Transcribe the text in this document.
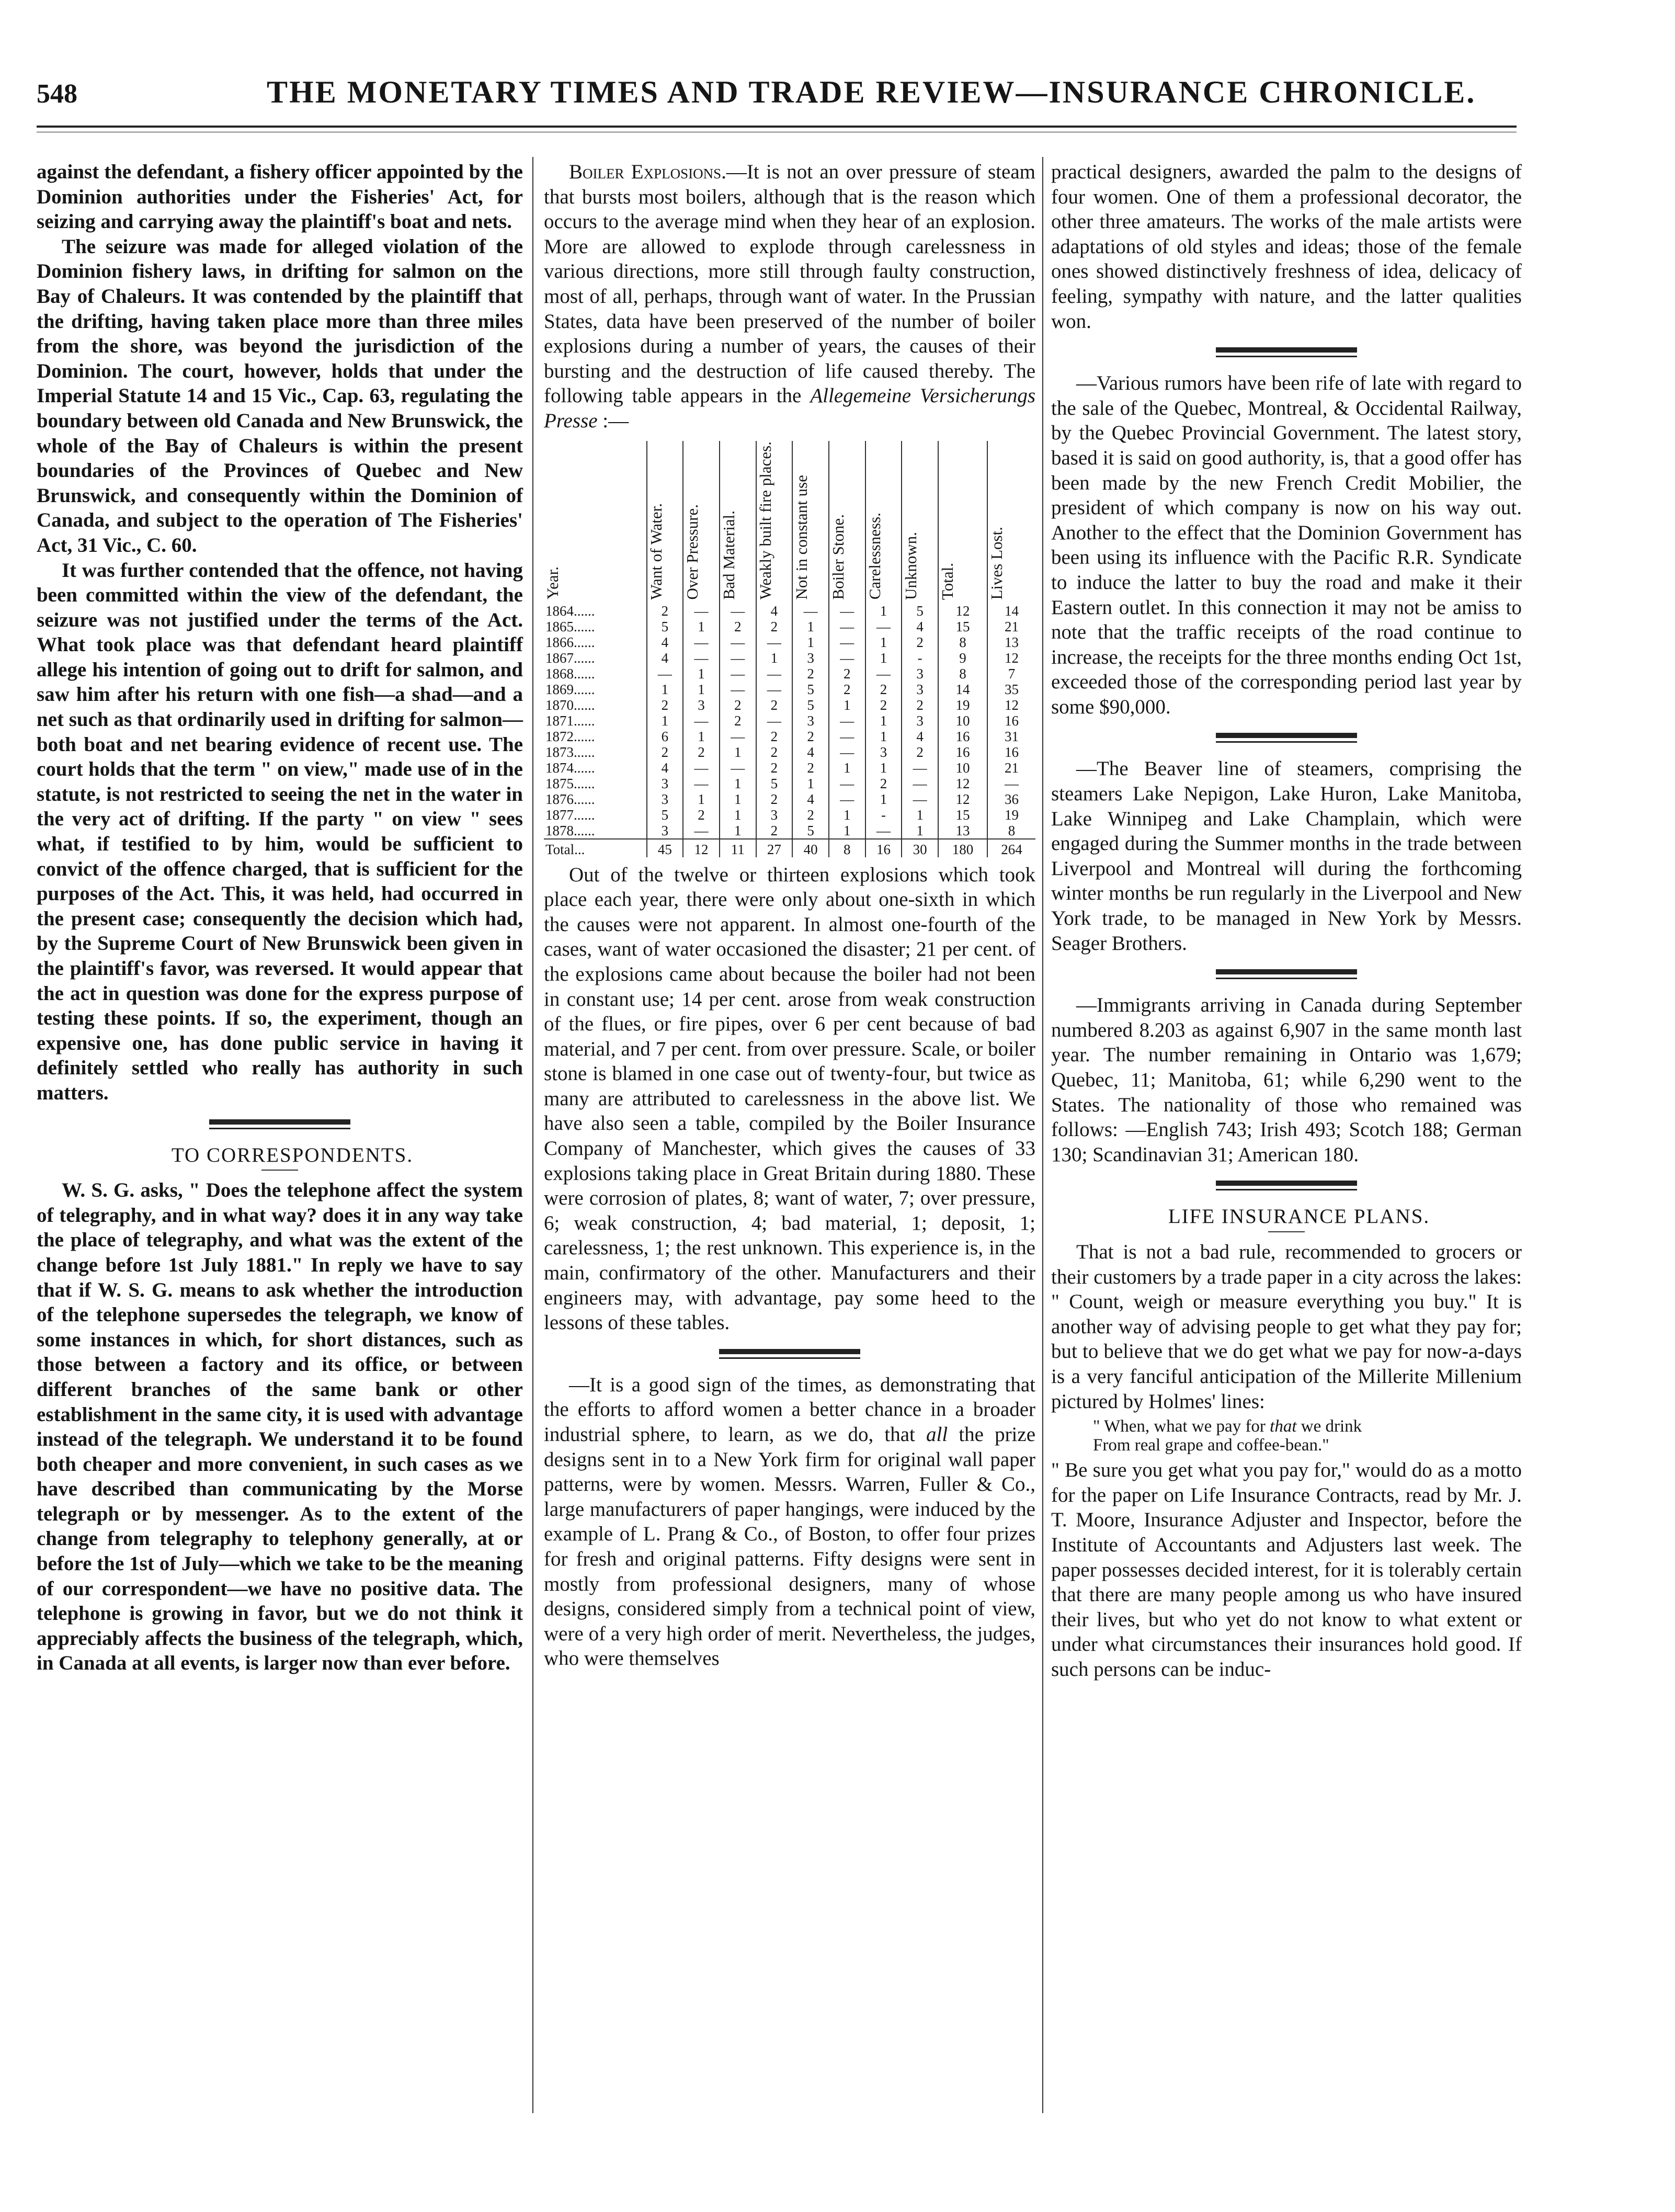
548	THE MONETARY TIMES AND TRADE REVIEW—INSURANCE CHRONICLE.

against the defendant, a fishery officer appointed by the Dominion authorities under the Fisheries' Act, for seizing and carrying away the plaintiff's boat and nets.

The seizure was made for alleged violation of the Dominion fishery laws, in drifting for salmon on the Bay of Chaleurs. It was contended by the plaintiff that the drifting, having taken place more than three miles from the shore, was beyond the jurisdiction of the Dominion. The court, however, holds that under the Imperial Statute 14 and 15 Vic., Cap. 63, regulating the boundary between old Canada and New Brunswick, the whole of the Bay of Chaleurs is within the present boundaries of the Provinces of Quebec and New Brunswick, and consequently within the Dominion of Canada, and subject to the operation of The Fisheries' Act, 31 Vic., C. 60.

It was further contended that the offence, not having been committed within the view of the defendant, the seizure was not justified under the terms of the Act. What took place was that defendant heard plaintiff allege his intention of going out to drift for salmon, and saw him after his return with one fish—a shad—and a net such as that ordinarily used in drifting for salmon—both boat and net bearing evidence of recent use. The court holds that the term " on view," made use of in the statute, is not restricted to seeing the net in the water in the very act of drifting. If the party " on view " sees what, if testified to by him, would be sufficient to convict of the offence charged, that is sufficient for the purposes of the Act. This, it was held, had occurred in the present case; consequently the decision which had, by the Supreme Court of New Brunswick been given in the plaintiff's favor, was reversed. It would appear that the act in question was done for the express purpose of testing these points. If so, the experiment, though an expensive one, has done public service in having it definitely settled who really has authority in such matters.

TO CORRESPONDENTS.

W. S. G. asks, " Does the telephone affect the system of telegraphy, and in what way? does it in any way take the place of telegraphy, and what was the extent of the change before 1st July 1881." In reply we have to say that if W. S. G. means to ask whether the introduction of the telephone supersedes the telegraph, we know of some instances in which, for short distances, such as those between a factory and its office, or between different branches of the same bank or other establishment in the same city, it is used with advantage instead of the telegraph. We understand it to be found both cheaper and more convenient, in such cases as we have described than communicating by the Morse telegraph or by messenger. As to the extent of the change from telegraphy to telephony generally, at or before the 1st of July—which we take to be the meaning of our correspondent—we have no positive data. The telephone is growing in favor, but we do not think it appreciably affects the business of the telegraph, which, in Canada at all events, is larger now than ever before.

Boiler Explosions.—It is not an over pressure of steam that bursts most boilers, although that is the reason which occurs to the average mind when they hear of an explosion. More are allowed to explode through carelessness in various directions, more still through faulty construction, most of all, perhaps, through want of water. In the Prussian States, data have been preserved of the number of boiler explosions during a number of years, the causes of their bursting and the destruction of life caused thereby. The following table appears in the Allegemeine Versicherungs Presse :—

Year.	Want of Water.	Over Pressure.	Bad Material.	Weakly built fire places.	Not in constant use	Boiler Stone.	Carelessness.	Unknown.	Total.	Lives Lost.
1864......	2	—	—	4	—	—	1	5	12	14
1865......	5	1	2	2	1	—	—	4	15	21
1866......	4	—	—	—	1	—	1	2	8	13
1867......	4	—	—	1	3	—	1	-	9	12
1868......	—	1	—	—	2	2	—	3	8	7
1869......	1	1	—	—	5	2	2	3	14	35
1870......	2	3	2	2	5	1	2	2	19	12
1871......	1	—	2	—	3	—	1	3	10	16
1872......	6	1	—	2	2	—	1	4	16	31
1873......	2	2	1	2	4	—	3	2	16	16
1874......	4	—	—	2	2	1	1	—	10	21
1875......	3	—	1	5	1	—	2	—	12	—
1876......	3	1	1	2	4	—	1	—	12	36
1877......	5	2	1	3	2	1	-	1	15	19
1878......	3	—	1	2	5	1	—	1	13	8
Total...	45	12	11	27	40	8	16	30	180	264

Out of the twelve or thirteen explosions which took place each year, there were only about one-sixth in which the causes were not apparent. In almost one-fourth of the cases, want of water occasioned the disaster; 21 per cent. of the explosions came about because the boiler had not been in constant use; 14 per cent. arose from weak construction of the flues, or fire pipes, over 6 per cent because of bad material, and 7 per cent. from over pressure. Scale, or boiler stone is blamed in one case out of twenty-four, but twice as many are attributed to carelessness in the above list. We have also seen a table, compiled by the Boiler Insurance Company of Manchester, which gives the causes of 33 explosions taking place in Great Britain during 1880. These were corrosion of plates, 8; want of water, 7; over pressure, 6; weak construction, 4; bad material, 1; deposit, 1; carelessness, 1; the rest unknown. This experience is, in the main, confirmatory of the other. Manufacturers and their engineers may, with advantage, pay some heed to the lessons of these tables.

—It is a good sign of the times, as demonstrating that the efforts to afford women a better chance in a broader industrial sphere, to learn, as we do, that all the prize designs sent in to a New York firm for original wall paper patterns, were by women. Messrs. Warren, Fuller & Co., large manufacturers of paper hangings, were induced by the example of L. Prang & Co., of Boston, to offer four prizes for fresh and original patterns. Fifty designs were sent in mostly from professional designers, many of whose designs, considered simply from a technical point of view, were of a very high order of merit. Nevertheless, the judges, who were themselves

practical designers, awarded the palm to the designs of four women. One of them a professional decorator, the other three amateurs. The works of the male artists were adaptations of old styles and ideas; those of the female ones showed distinctively freshness of idea, delicacy of feeling, sympathy with nature, and the latter qualities won.

—Various rumors have been rife of late with regard to the sale of the Quebec, Montreal, & Occidental Railway, by the Quebec Provincial Government. The latest story, based it is said on good authority, is, that a good offer has been made by the new French Credit Mobilier, the president of which company is now on his way out. Another to the effect that the Dominion Government has been using its influence with the Pacific R.R. Syndicate to induce the latter to buy the road and make it their Eastern outlet. In this connection it may not be amiss to note that the traffic receipts of the road continue to increase, the receipts for the three months ending Oct 1st, exceeded those of the corresponding period last year by some $90,000.

—The Beaver line of steamers, comprising the steamers Lake Nepigon, Lake Huron, Lake Manitoba, Lake Winnipeg and Lake Champlain, which were engaged during the Summer months in the trade between Liverpool and Montreal will during the forthcoming winter months be run regularly in the Liverpool and New York trade, to be managed in New York by Messrs. Seager Brothers.

—Immigrants arriving in Canada during September numbered 8.203 as against 6,907 in the same month last year. The number remaining in Ontario was 1,679; Quebec, 11; Manitoba, 61; while 6,290 went to the States. The nationality of those who remained was follows: —English 743; Irish 493; Scotch 188; German 130; Scandinavian 31; American 180.

LIFE INSURANCE PLANS.

That is not a bad rule, recommended to grocers or their customers by a trade paper in a city across the lakes: " Count, weigh or measure everything you buy." It is another way of advising people to get what they pay for; but to believe that we do get what we pay for now-a-days is a very fanciful anticipation of the Millerite Millenium pictured by Holmes' lines:

" When, what we pay for that we drink
From real grape and coffee-bean."

" Be sure you get what you pay for," would do as a motto for the paper on Life Insurance Contracts, read by Mr. J. T. Moore, Insurance Adjuster and Inspector, before the Institute of Accountants and Adjusters last week. The paper possesses decided interest, for it is tolerably certain that there are many people among us who have insured their lives, but who yet do not know to what extent or under what circumstances their insurances hold good. If such persons can be induc-
